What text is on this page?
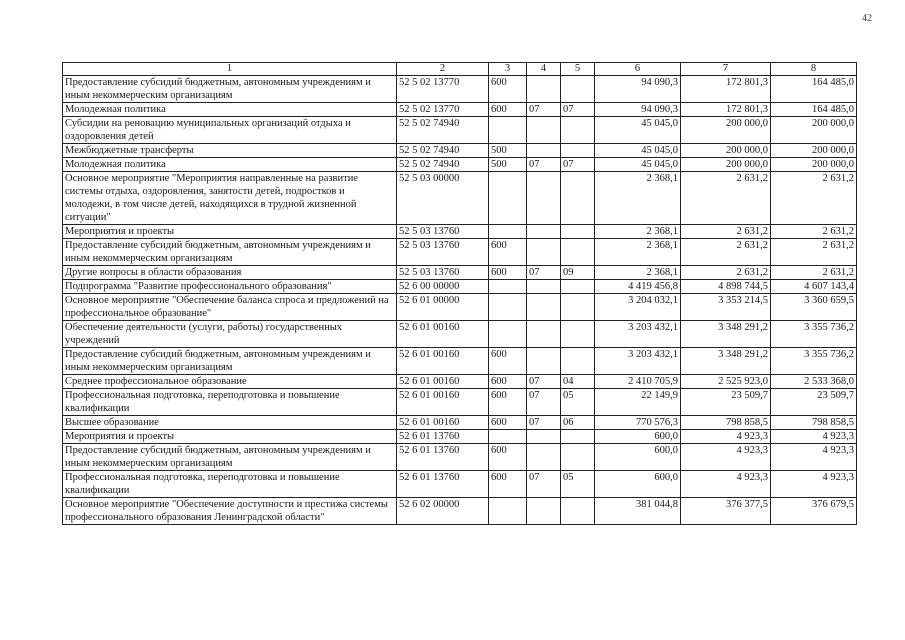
42
1	2	3	4	5	6	7	8
Предоставление субсидий бюджетным, автономным учреждениям и иным некоммерческим организациям	52 5 02 13770	600			94 090,3	172 801,3	164 485,0
Молодежная политика	52 5 02 13770	600	07	07	94 090,3	172 801,3	164 485,0
Субсидии на реновацию муниципальных организаций отдыха и оздоровления детей	52 5 02 74940				45 045,0	200 000,0	200 000,0
Межбюджетные трансферты	52 5 02 74940	500			45 045,0	200 000,0	200 000,0
Молодежная политика	52 5 02 74940	500	07	07	45 045,0	200 000,0	200 000,0
Основное мероприятие "Мероприятия направленные на развитие системы отдыха, оздоровления, занятости детей, подростков и молодежи, в том числе детей, находящихся в трудной жизненной ситуации"	52 5 03 00000				2 368,1	2 631,2	2 631,2
Мероприятия и проекты	52 5 03 13760				2 368,1	2 631,2	2 631,2
Предоставление субсидий бюджетным, автономным учреждениям и иным некоммерческим организациям	52 5 03 13760	600			2 368,1	2 631,2	2 631,2
Другие вопросы в области образования	52 5 03 13760	600	07	09	2 368,1	2 631,2	2 631,2
Подпрограмма "Развитие профессионального образования"	52 6 00 00000				4 419 456,8	4 898 744,5	4 607 143,4
Основное мероприятие "Обеспечение баланса спроса и предложений на профессиональное образование"	52 6 01 00000				3 204 032,1	3 353 214,5	3 360 659,5
Обеспечение деятельности (услуги, работы) государственных учреждений	52 6 01 00160				3 203 432,1	3 348 291,2	3 355 736,2
Предоставление субсидий бюджетным, автономным учреждениям и иным некоммерческим организациям	52 6 01 00160	600			3 203 432,1	3 348 291,2	3 355 736,2
Среднее профессиональное образование	52 6 01 00160	600	07	04	2 410 705,9	2 525 923,0	2 533 368,0
Профессиональная подготовка, переподготовка и повышение квалификации	52 6 01 00160	600	07	05	22 149,9	23 509,7	23 509,7
Высшее образование	52 6 01 00160	600	07	06	770 576,3	798 858,5	798 858,5
Мероприятия и проекты	52 6 01 13760				600,0	4 923,3	4 923,3
Предоставление субсидий бюджетным, автономным учреждениям и иным некоммерческим организациям	52 6 01 13760	600			600,0	4 923,3	4 923,3
Профессиональная подготовка, переподготовка и повышение квалификации	52 6 01 13760	600	07	05	600,0	4 923,3	4 923,3
Основное мероприятие "Обеспечение доступности и престижа системы профессионального образования Ленинградской области"	52 6 02 00000				381 044,8	376 377,5	376 679,5
